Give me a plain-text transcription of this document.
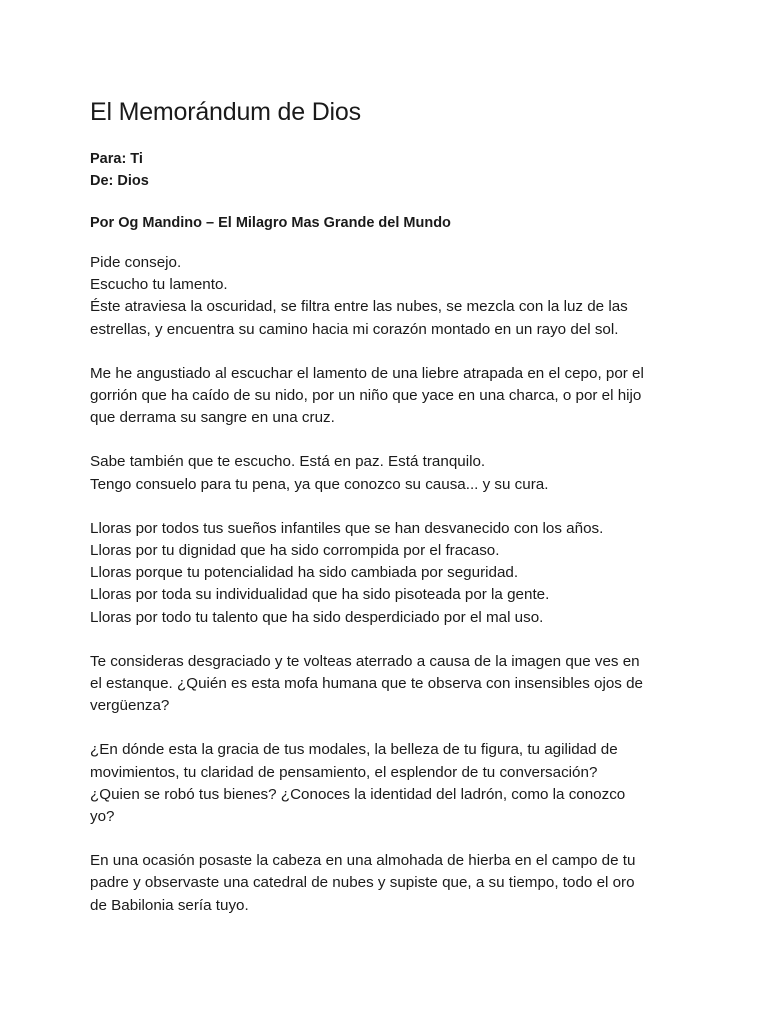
El Memorándum de Dios
Para: Ti
De: Dios
Por Og Mandino – El Milagro Mas Grande del Mundo

Pide consejo.
Escucho tu lamento.
Éste atraviesa la oscuridad, se filtra entre las nubes, se mezcla con la luz de las
estrellas, y encuentra su camino hacia mi corazón montado en un rayo del sol.

Me he angustiado al escuchar el lamento de una liebre atrapada en el cepo, por el
gorrión que ha caído de su nido, por un niño que yace en una charca, o por el hijo
que derrama su sangre en una cruz.

Sabe también que te escucho. Está en paz. Está tranquilo.
Tengo consuelo para tu pena, ya que conozco su causa... y su cura.

Lloras por todos tus sueños infantiles que se han desvanecido con los años.
Lloras por tu dignidad que ha sido corrompida por el fracaso.
Lloras porque tu potencialidad ha sido cambiada por seguridad.
Lloras por toda su individualidad que ha sido pisoteada por la gente.
Lloras por todo tu talento que ha sido desperdiciado por el mal uso.

Te consideras desgraciado y te volteas aterrado a causa de la imagen que ves en
el estanque. ¿Quién es esta mofa humana que te observa con insensibles ojos de
vergüenza?

¿En dónde esta la gracia de tus modales, la belleza de tu figura, tu agilidad de
movimientos, tu claridad de pensamiento, el esplendor de tu conversación?
¿Quien se robó tus bienes? ¿Conoces la identidad del ladrón, como la conozco
yo?

En una ocasión posaste la cabeza en una almohada de hierba en el campo de tu
padre y observaste una catedral de nubes y supiste que, a su tiempo, todo el oro
de Babilonia sería tuyo.
